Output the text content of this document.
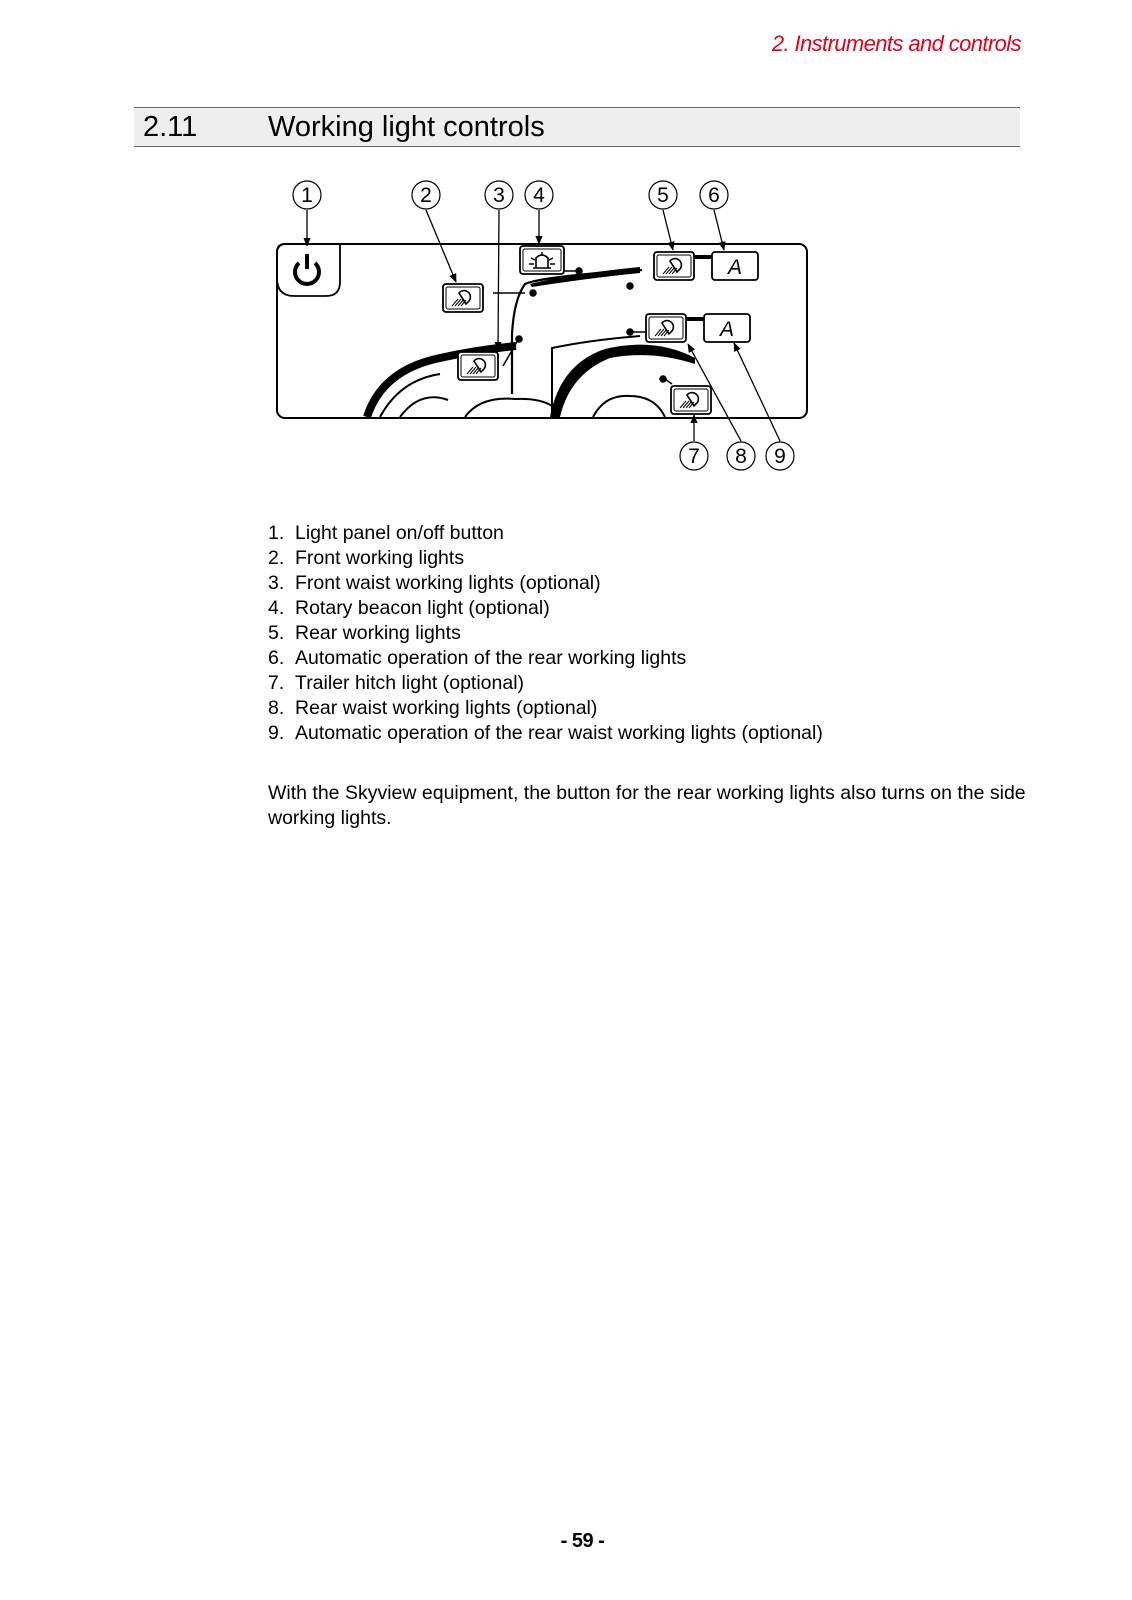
2. Instruments and controls
2.11 Working light controls
A
A
1	2	3 4	5 6
7 8 9
1. Light panel on/off button
2. Front working lights
3. Front waist working lights (optional)
4. Rotary beacon light (optional)
5. Rear working lights
6. Automatic operation of the rear working lights
7. Trailer hitch light (optional)
8. Rear waist working lights (optional)
9. Automatic operation of the rear waist working lights (optional)

With the Skyview equipment, the button for the rear working lights also turns on the side working lights.

- 59 -
